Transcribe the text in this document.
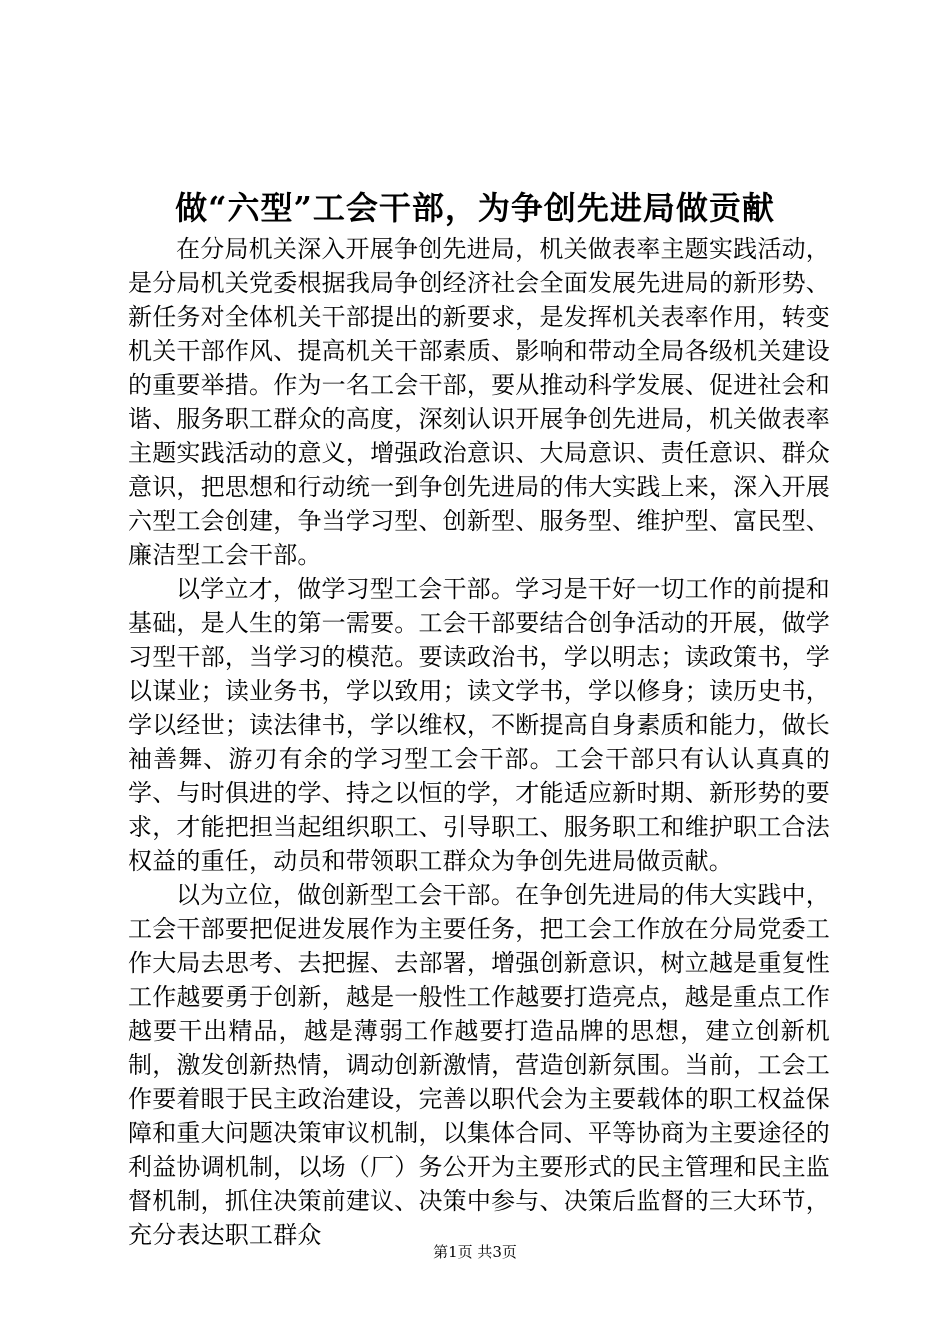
做“六型”工会干部，为争创先进局做贡献

在分局机关深入开展争创先进局，机关做表率主题实践活动，是分局机关党委根据我局争创经济社会全面发展先进局的新形势、新任务对全体机关干部提出的新要求，是发挥机关表率作用，转变机关干部作风、提高机关干部素质、影响和带动全局各级机关建设的重要举措。作为一名工会干部，要从推动科学发展、促进社会和谐、服务职工群众的高度，深刻认识开展争创先进局，机关做表率主题实践活动的意义，增强政治意识、大局意识、责任意识、群众意识，把思想和行动统一到争创先进局的伟大实践上来，深入开展六型工会创建，争当学习型、创新型、服务型、维护型、富民型、廉洁型工会干部。

以学立才，做学习型工会干部。学习是干好一切工作的前提和基础，是人生的第一需要。工会干部要结合创争活动的开展，做学习型干部，当学习的模范。要读政治书，学以明志；读政策书，学以谋业；读业务书，学以致用；读文学书，学以修身；读历史书，学以经世；读法律书，学以维权，不断提高自身素质和能力，做长袖善舞、游刃有余的学习型工会干部。工会干部只有认认真真的学、与时俱进的学、持之以恒的学，才能适应新时期、新形势的要求，才能把担当起组织职工、引导职工、服务职工和维护职工合法权益的重任，动员和带领职工群众为争创先进局做贡献。

以为立位，做创新型工会干部。在争创先进局的伟大实践中，工会干部要把促进发展作为主要任务，把工会工作放在分局党委工作大局去思考、去把握、去部署，增强创新意识，树立越是重复性工作越要勇于创新，越是一般性工作越要打造亮点，越是重点工作越要干出精品，越是薄弱工作越要打造品牌的思想，建立创新机制，激发创新热情，调动创新激情，营造创新氛围。当前，工会工作要着眼于民主政治建设，完善以职代会为主要载体的职工权益保障和重大问题决策审议机制，以集体合同、平等协商为主要途径的利益协调机制，以场（厂）务公开为主要形式的民主管理和民主监督机制，抓住决策前建议、决策中参与、决策后监督的三大环节，充分表达职工群众

第1页 共3页
